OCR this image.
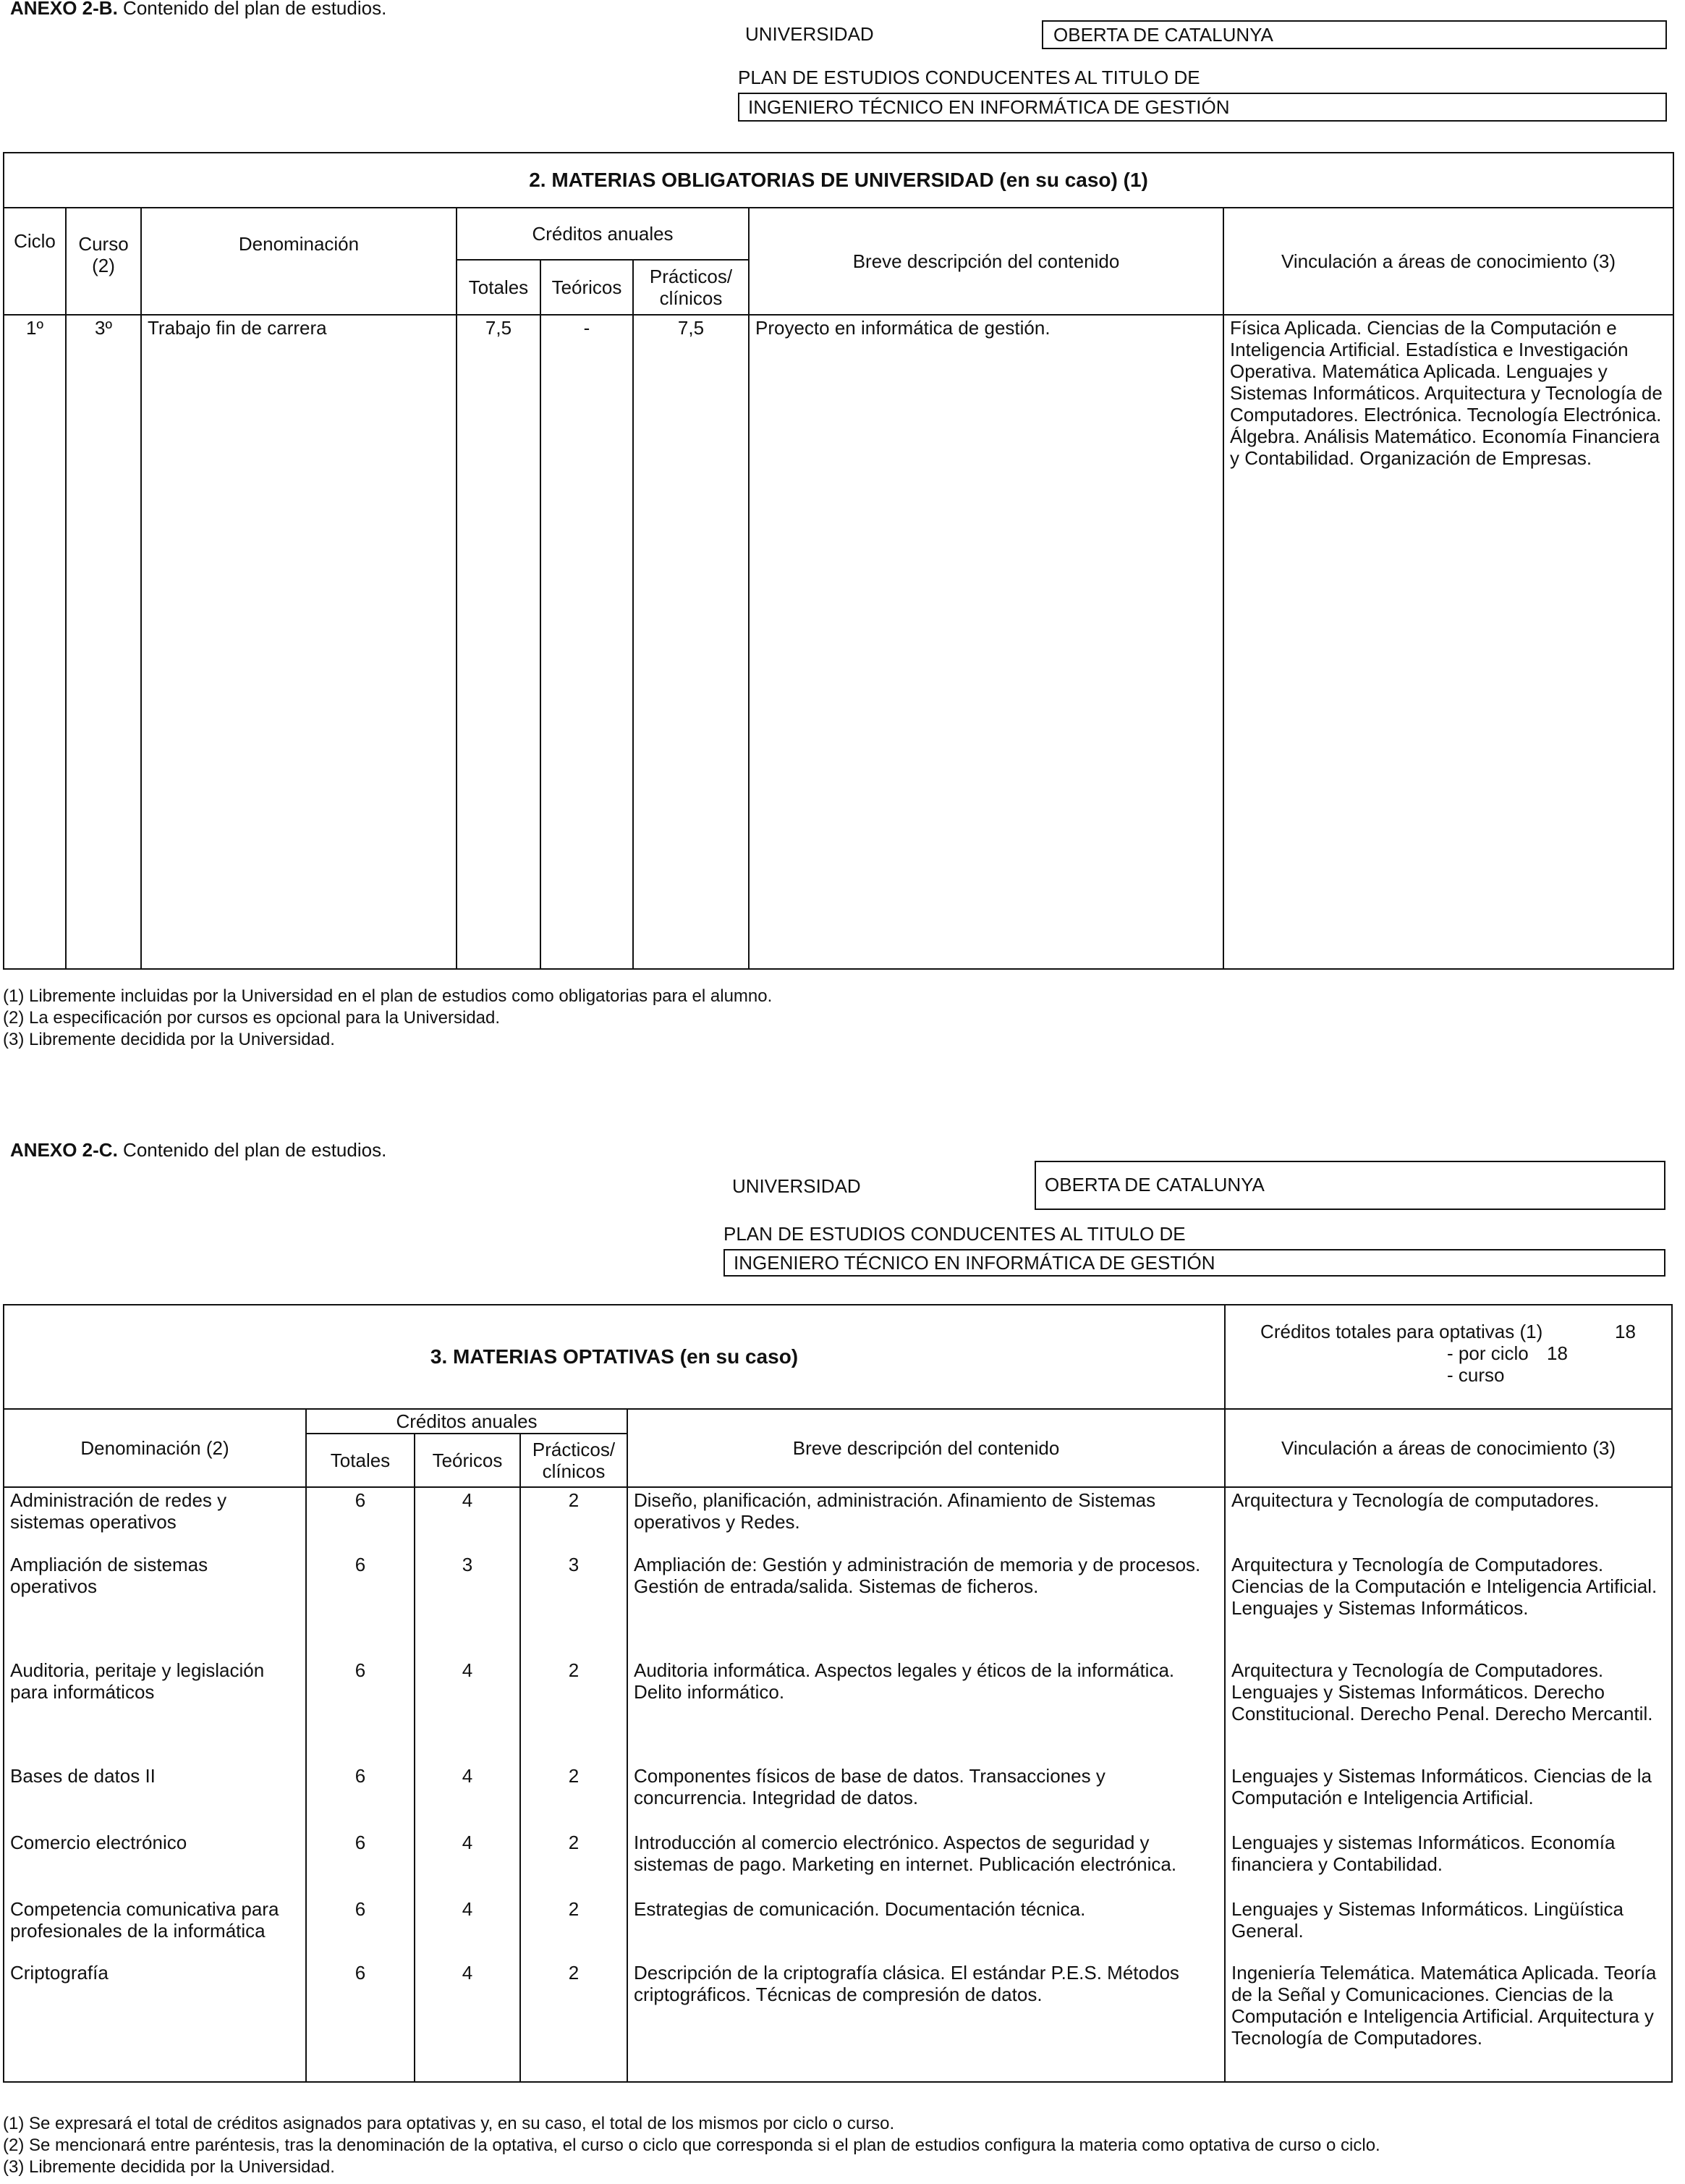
ANEXO 2-B. Contenido del plan de estudios.
UNIVERSIDAD	OBERTA DE CATALUNYA
PLAN DE ESTUDIOS CONDUCENTES AL TITULO DE
INGENIERO TÉCNICO EN INFORMÁTICA DE GESTIÓN
2. MATERIAS OBLIGATORIAS DE UNIVERSIDAD (en su caso) (1)							
Ciclo	Curso (2)	Denominación	Créditos anuales			Breve descripción del contenido	Vinculación a áreas de conocimiento (3)
			Totales	Teóricos	Prácticos/ clínicos		
1º	3º	Trabajo fin de carrera	7,5	-	7,5	Proyecto en informática de gestión.	Física Aplicada. Ciencias de la Computación e Inteligencia Artificial. Estadística e Investigación Operativa. Matemática Aplicada. Lenguajes y Sistemas Informáticos. Arquitectura y Tecnología de Computadores. Electrónica. Tecnología Electrónica. Álgebra. Análisis Matemático. Economía Financiera y Contabilidad. Organización de Empresas.
(1) Libremente incluidas por la Universidad en el plan de estudios como obligatorias para el alumno.
(2) La especificación por cursos es opcional para la Universidad.
(3) Libremente decidida por la Universidad.
ANEXO 2-C. Contenido del plan de estudios.
UNIVERSIDAD	OBERTA DE CATALUNYA
PLAN DE ESTUDIOS CONDUCENTES AL TITULO DE
INGENIERO TÉCNICO EN INFORMÁTICA DE GESTIÓN
3. MATERIAS OPTATIVAS (en su caso)					Créditos totales para optativas (1) 18
- por ciclo 18
- curso

Denominación (2)	Créditos anuales			Breve descripción del contenido	Vinculación a áreas de conocimiento (3)
	Totales	Teóricos	Prácticos/ clínicos		
Administración de redes y sistemas operativos	6	4	2	Diseño, planificación, administración. Afinamiento de Sistemas operativos y Redes.	Arquitectura y Tecnología de computadores.
Ampliación de sistemas operativos	6	3	3	Ampliación de: Gestión y administración de memoria y de procesos. Gestión de entrada/salida. Sistemas de ficheros.	Arquitectura y Tecnología de Computadores. Ciencias de la Computación e Inteligencia Artificial. Lenguajes y Sistemas Informáticos.
Auditoria, peritaje y legislación para informáticos	6	4	2	Auditoria informática. Aspectos legales y éticos de la informática. Delito informático.	Arquitectura y Tecnología de Computadores. Lenguajes y Sistemas Informáticos. Derecho Constitucional. Derecho Penal. Derecho Mercantil.
Bases de datos II	6	4	2	Componentes físicos de base de datos. Transacciones y concurrencia. Integridad de datos.	Lenguajes y Sistemas Informáticos. Ciencias de la Computación e Inteligencia Artificial.
Comercio electrónico	6	4	2	Introducción al comercio electrónico. Aspectos de seguridad y sistemas de pago. Marketing en internet. Publicación electrónica.	Lenguajes y sistemas Informáticos. Economía financiera y Contabilidad.
Competencia comunicativa para profesionales de la informática	6	4	2	Estrategias de comunicación. Documentación técnica.	Lenguajes y Sistemas Informáticos. Lingüística General.
Criptografía	6	4	2	Descripción de la criptografía clásica. El estándar P.E.S. Métodos criptográficos. Técnicas de compresión de datos.	Ingeniería Telemática. Matemática Aplicada. Teoría de la Señal y Comunicaciones. Ciencias de la Computación e Inteligencia Artificial. Arquitectura y Tecnología de Computadores.
(1) Se expresará el total de créditos asignados para optativas y, en su caso, el total de los mismos por ciclo o curso.
(2) Se mencionará entre paréntesis, tras la denominación de la optativa, el curso o ciclo que corresponda si el plan de estudios configura la materia como optativa de curso o ciclo.
(3) Libremente decidida por la Universidad.
